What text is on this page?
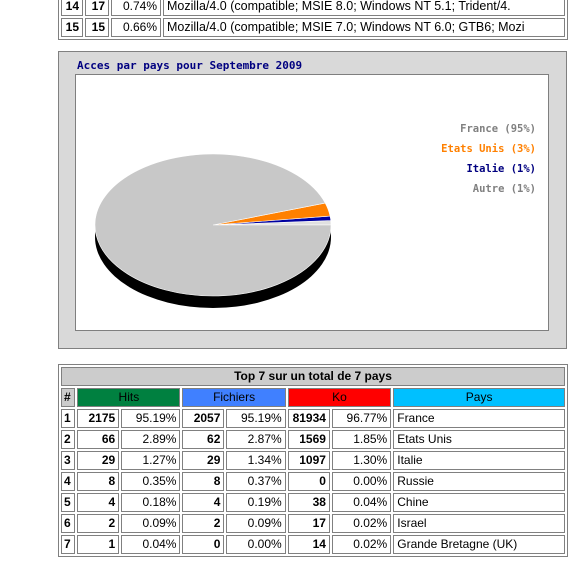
14	17	0.74%	Mozilla/4.0 (compatible; MSIE 8.0; Windows NT 5.1; Trident/4.
15	15	0.66%	Mozilla/4.0 (compatible; MSIE 7.0; Windows NT 6.0; GTB6; Mozi
Acces par pays pour Septembre 2009
France (95%)
Etats Unis (3%)
Italie (1%)
Autre (1%)
Top 7 sur un total de 7 pays							
#	Hits		Fichiers		Ko		Pays
1	2175	95.19%	2057	95.19%	81934	96.77%	France
2	66	2.89%	62	2.87%	1569	1.85%	Etats Unis
3	29	1.27%	29	1.34%	1097	1.30%	Italie
4	8	0.35%	8	0.37%	0	0.00%	Russie
5	4	0.18%	4	0.19%	38	0.04%	Chine
6	2	0.09%	2	0.09%	17	0.02%	Israel
7	1	0.04%	0	0.00%	14	0.02%	Grande Bretagne (UK)
